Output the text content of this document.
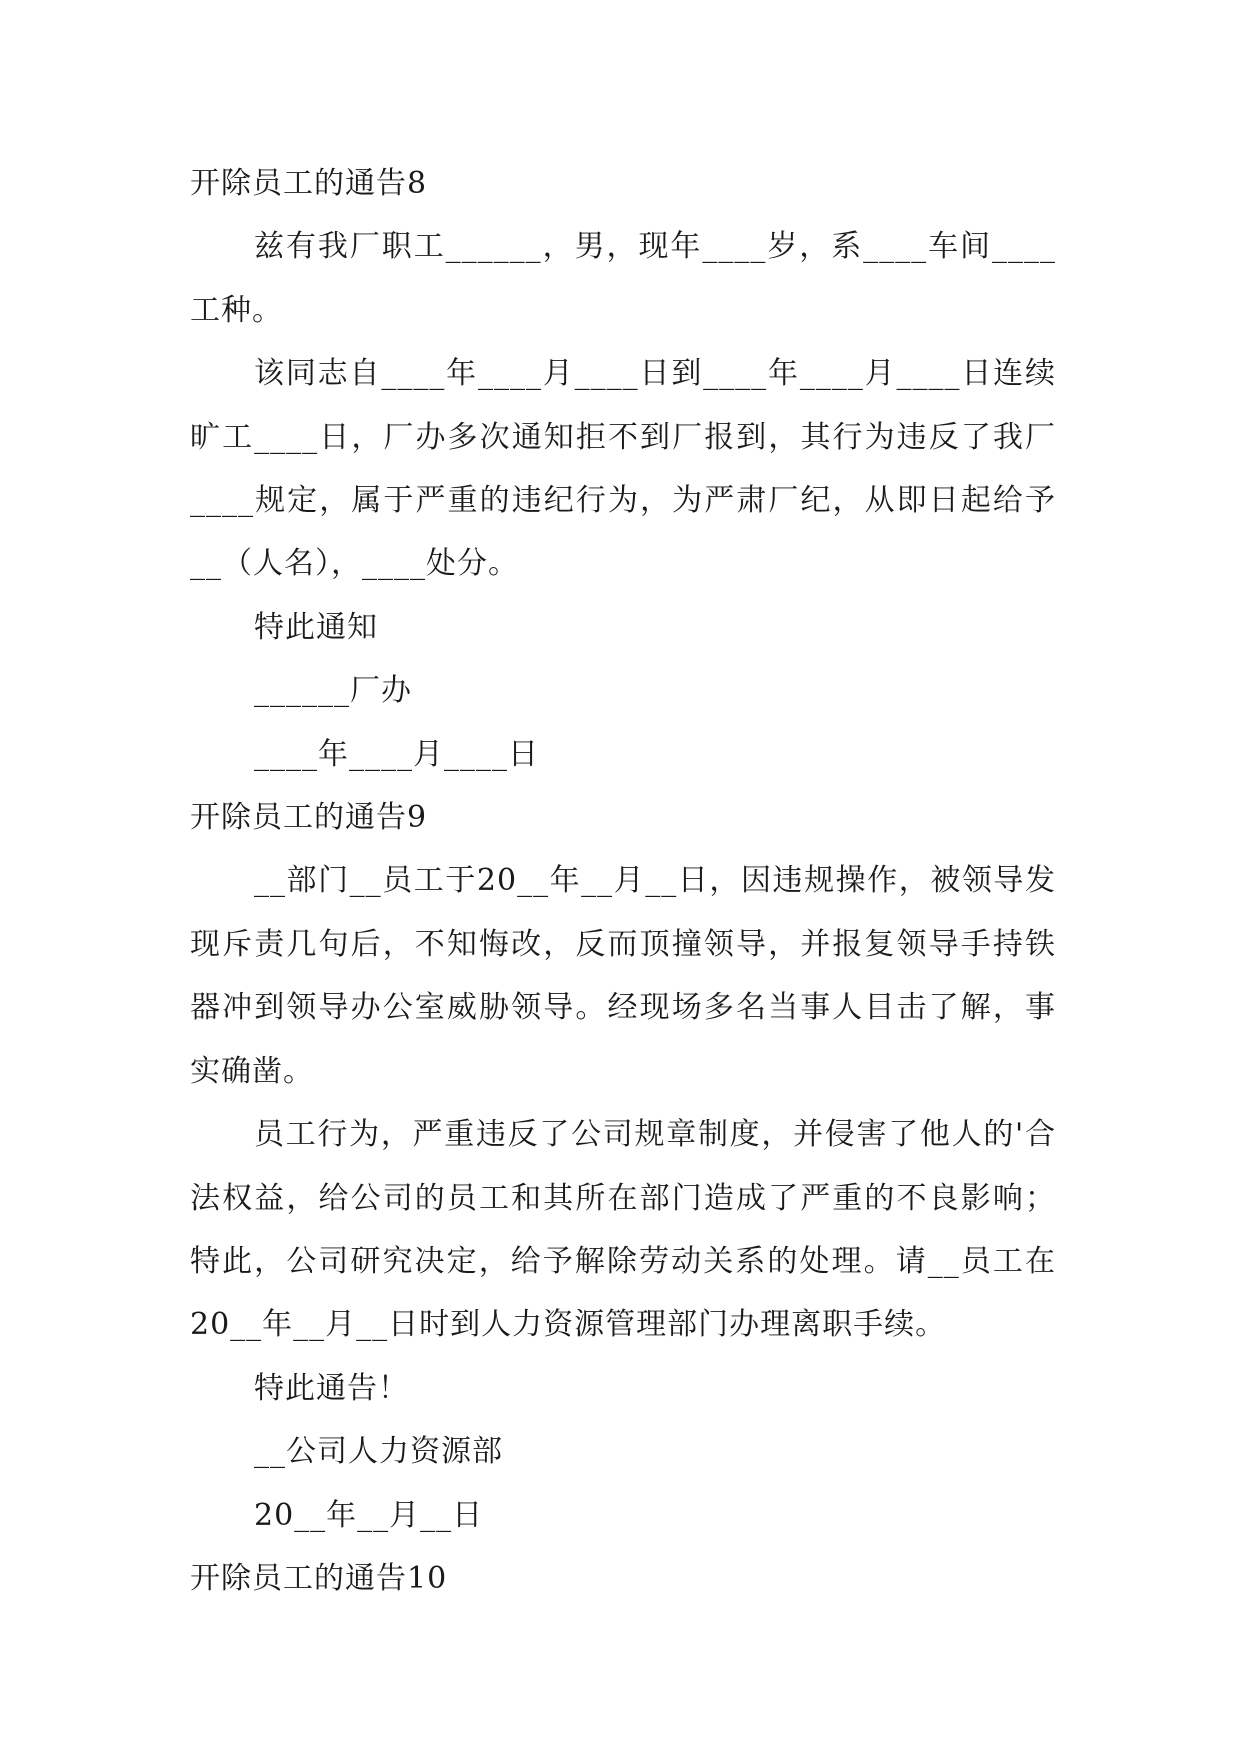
开除员工的通告8

兹有我厂职工______，男，现年____岁，系____车间____工种。

该同志自____年____月____日到____年____月____日连续旷工____日，厂办多次通知拒不到厂报到，其行为违反了我厂____规定，属于严重的违纪行为，为严肃厂纪，从即日起给予__（人名），____处分。

特此通知

______厂办

____年____月____日

开除员工的通告9

__部门__员工于20__年__月__日，因违规操作，被领导发现斥责几句后，不知悔改，反而顶撞领导，并报复领导手持铁器冲到领导办公室威胁领导。经现场多名当事人目击了解，事实确凿。

员工行为，严重违反了公司规章制度，并侵害了他人的'合法权益，给公司的员工和其所在部门造成了严重的不良影响；特此，公司研究决定，给予解除劳动关系的处理。请__员工在20__年__月__日时到人力资源管理部门办理离职手续。

特此通告！

__公司人力资源部

20__年__月__日

开除员工的通告10
